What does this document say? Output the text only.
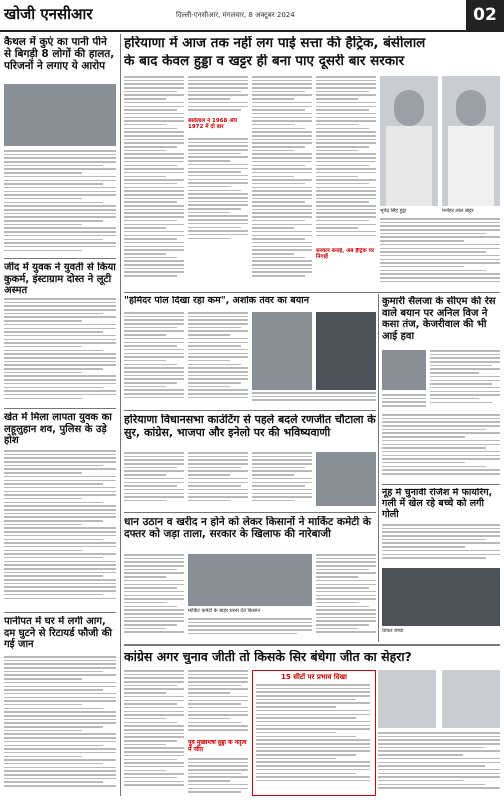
खोजी एनसीआर	दिल्ली-एनसीआर, मंगलवार, 8 अक्टूबर 2024	02
कैथल में कुएं का पानी पीने से बिगड़ी 8 लोगों की हालत, परिजनों ने लगाए ये आरोप
जींद में युवक ने युवती से किया कुकर्म, इंस्टाग्राम दोस्त ने लूटी अस्मत
खेत में मिला लापता युवक का लहूलुहान शव, पुलिस के उड़े होश
पानीपत में घर में लगी आग, दम घुटने से रिटायर्ड फौजी की गई जान
हरियाणा में आज तक नहीं लग पाई सत्ता की हैट्रिक, बंसीलाल
के बाद केवल हुड्डा व खट्टर ही बना पाए दूसरी बार सरकार
बंसीलाल ने 1968 और 1972 में दो बार
सरकार बनाई, अब हैट्रिक पर निगाहें
भूपेंद्र सिंह हुड्डा	मनोहर लाल खट्टर
"हमिंदर पोल दिखा रहा कम", अशोक तंवर का बयान	कुमारी सैलजा के सीएम की रेस वाले बयान पर अनिल विज ने कसा तंज, केजरीवाल की भी आई हवा
हरियाणा विधानसभा काउंटिंग से पहले बदले रणजीत चौटाला के सुर, कांग्रेस, भाजपा और इनेलो पर की भविष्यवाणी
धान उठान व खरीद न होने को लेकर किसानों ने मार्किट कमेटी के दफ्तर को जड़ा ताला, सरकार के खिलाफ की नारेबाजी
मार्किट कमेटी के बाहर धरना देते किसान
नूंह में चुनावी रंजिश में फायरिंग, गली में खेल रहे बच्चे को लगी गोली
घायल बच्चा
कांग्रेस अगर चुनाव जीती तो किसके सिर बंधेगा जीत का सेहरा?
पूर्व मुख्यमंत्री हुड्डा के नेतृत्व में जीत
15 सीटों पर प्रभाव दिखा
